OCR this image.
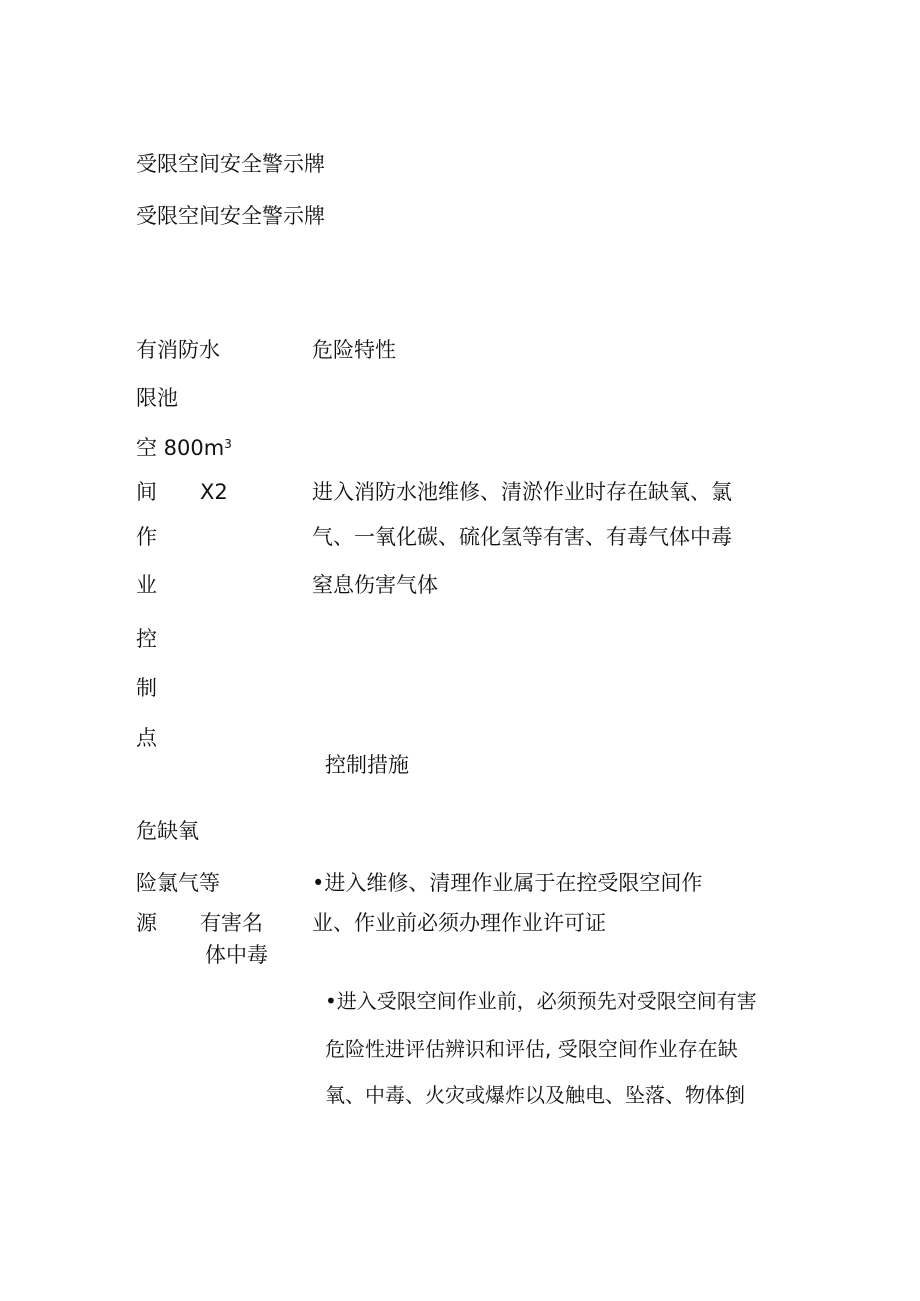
受限空间安全警示牌
受限空间安全警示牌
有消防水
限池
空 $800m^3$
间 X2
作
业
控
制
点
危险特性
进入消防水池维修、清淤作业时存在缺氧、氯
气、一氧化碳、硫化氢等有害、有毒气体中毒
窒息伤害气体
控制措施
危缺氧
险氯气等
源 有害名
体中毒
•进入维修、清理作业属于在控受限空间作
业、作业前必须办理作业许可证
•进入受限空间作业前，必须预先对受限空间有害
危险性进评估辨识和评估, 受限空间作业存在缺
氧、中毒、火灾或爆炸以及触电、坠落、物体倒
